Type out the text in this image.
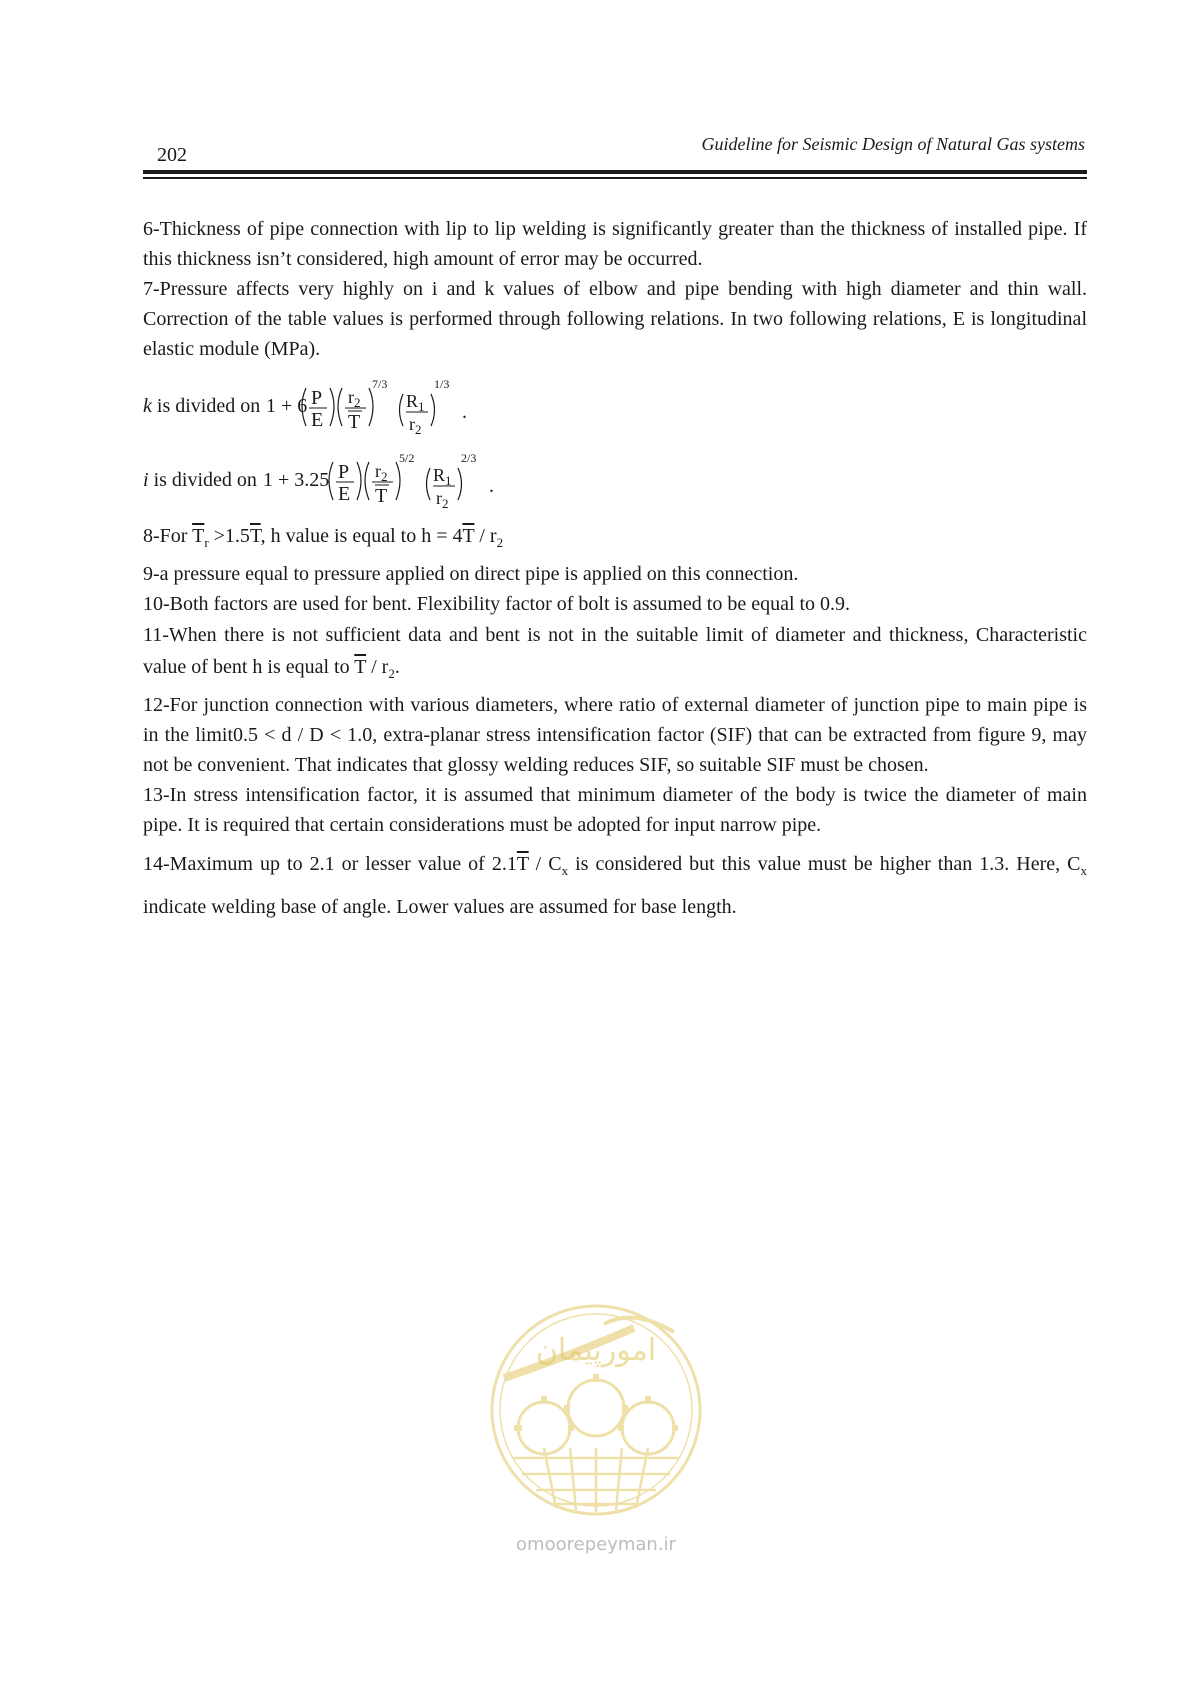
202	Guideline for Seismic Design of Natural Gas systems

6-Thickness of pipe connection with lip to lip welding is significantly greater than the thickness of installed pipe. If this thickness isn’t considered, high amount of error may be occurred.

7-Pressure affects very highly on i and k values of elbow and pipe bending with high diameter and thin wall. Correction of the table values is performed through following relations. In two following relations, E is longitudinal elastic module (MPa).

k is divided on 1 + 6 P
E
$r_2$
T
7/3
$R_1$
$r_2$
1/3
.
i is divided on 1 + 3.25 P
E
$r_2$
T
5/2
$R_1$
$r_2$
2/3
.

8-For $\overline{T}_r >1.5\overline{T}$, h value is equal to $h = 4\overline{T} / r_2$

9-a pressure equal to pressure applied on direct pipe is applied on this connection.

10-Both factors are used for bent. Flexibility factor of bolt is assumed to be equal to 0.9.

11-When there is not sufficient data and bent is not in the suitable limit of diameter and thickness, Characteristic value of bent h is equal to $\overline{T} / r_2$.

12-For junction connection with various diameters, where ratio of external diameter of junction pipe to main pipe is in the limit0.5 < d / D < 1.0, extra-planar stress intensification factor (SIF) that can be extracted from figure 9, may not be convenient. That indicates that glossy welding reduces SIF, so suitable SIF must be chosen.

13-In stress intensification factor, it is assumed that minimum diameter of the body is twice the diameter of main pipe. It is required that certain considerations must be adopted for input narrow pipe.

14-Maximum up to 2.1 or lesser value of $2.1\overline{T} / C_x$ is considered but this value must be higher than 1.3. Here, $C_x$ indicate welding base of angle. Lower values are assumed for base length.

امورپیمان
omoorepeyman.ir
